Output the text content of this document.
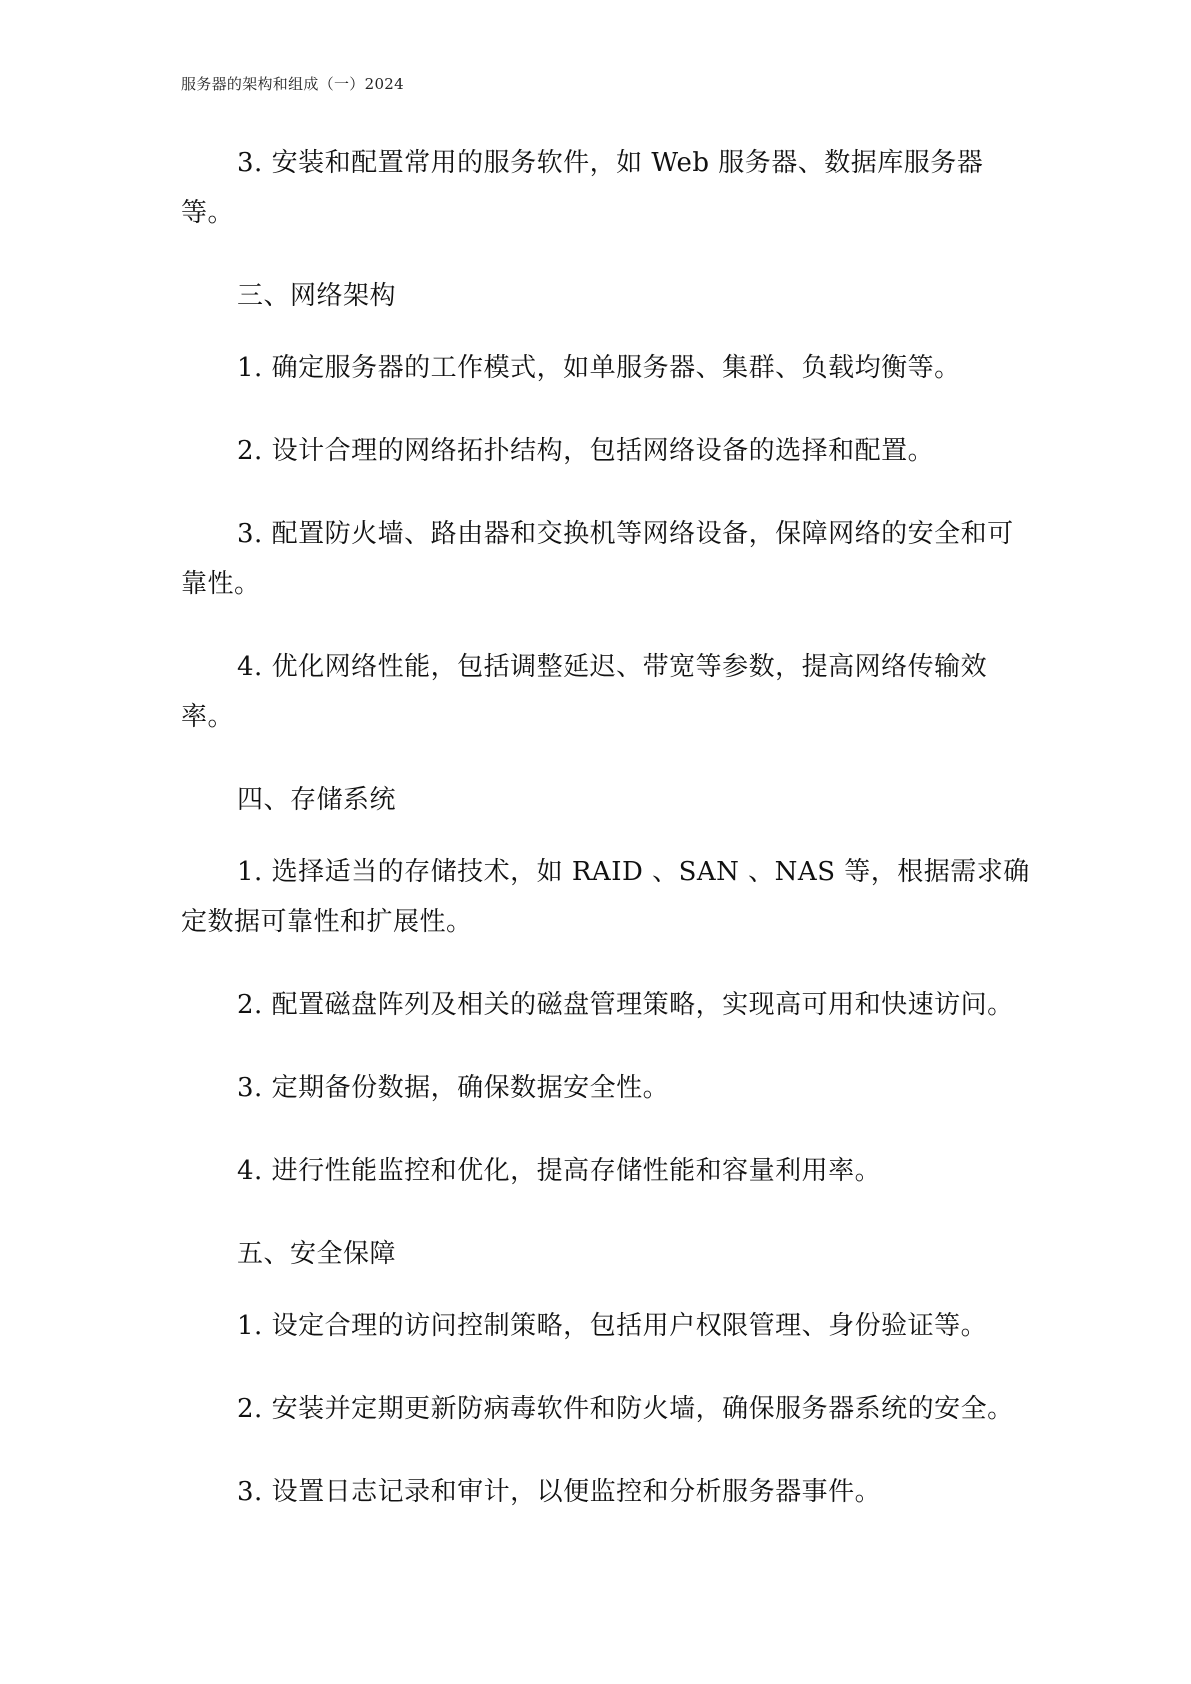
服务器的架构和组成（一）2024

3. 安装和配置常用的服务软件，如 Web 服务器、数据库服务器等。

三、网络架构

1. 确定服务器的工作模式，如单服务器、集群、负载均衡等。

2. 设计合理的网络拓扑结构，包括网络设备的选择和配置。

3. 配置防火墙、路由器和交换机等网络设备，保障网络的安全和可靠性。

4. 优化网络性能，包括调整延迟、带宽等参数，提高网络传输效率。

四、存储系统

1. 选择适当的存储技术，如 RAID 、SAN 、NAS 等，根据需求确定数据可靠性和扩展性。

2. 配置磁盘阵列及相关的磁盘管理策略，实现高可用和快速访问。

3. 定期备份数据，确保数据安全性。

4. 进行性能监控和优化，提高存储性能和容量利用率。

五、安全保障

1. 设定合理的访问控制策略，包括用户权限管理、身份验证等。

2. 安装并定期更新防病毒软件和防火墙，确保服务器系统的安全。

3. 设置日志记录和审计，以便监控和分析服务器事件。
